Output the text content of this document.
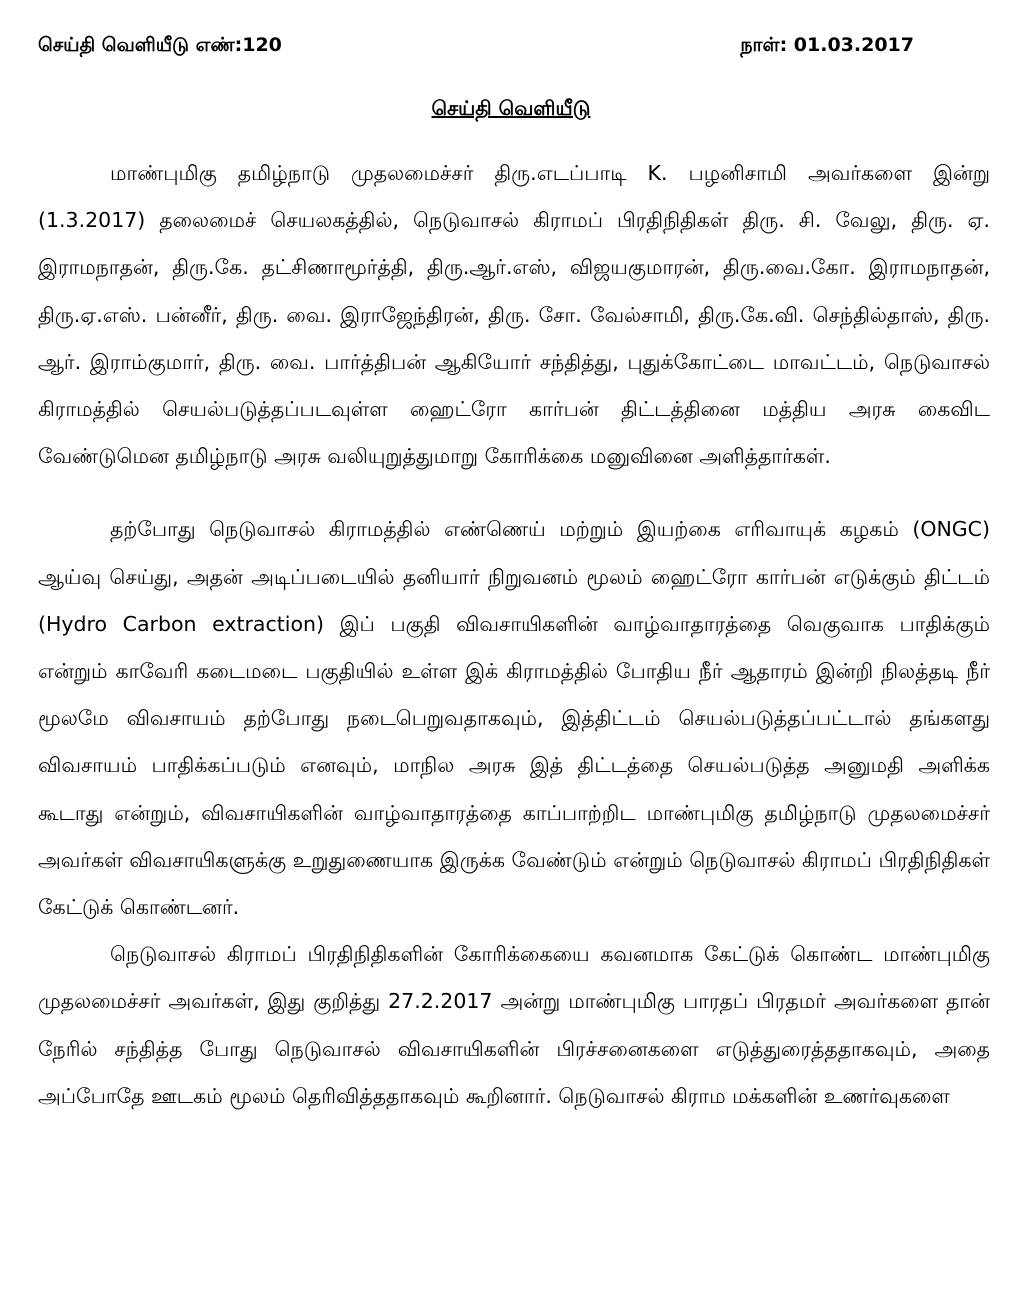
செய்தி வெளியீடு எண்:120	நாள்: 01.03.2017
செய்தி வெளியீடு

மாண்புமிகு தமிழ்நாடு முதலமைச்சர் திரு.எடப்பாடி K. பழனிசாமி அவர்களை இன்று (1.3.2017) தலைமைச் செயலகத்தில், நெடுவாசல் கிராமப் பிரதிநிதிகள் திரு. சி. வேலு, திரு. ஏ. இராமநாதன், திரு.கே. தட்சிணாமூர்த்தி, திரு.ஆர்.எஸ், விஜயகுமாரன், திரு.வை.கோ. இராமநாதன், திரு.ஏ.எஸ். பன்னீர், திரு. வை. இராஜேந்திரன், திரு. சோ. வேல்சாமி, திரு.கே.வி. செந்தில்தாஸ், திரு. ஆர். இராம்குமார், திரு. வை. பார்த்திபன் ஆகியோர் சந்தித்து, புதுக்கோட்டை மாவட்டம், நெடுவாசல் கிராமத்தில் செயல்படுத்தப்படவுள்ள ஹைட்ரோ கார்பன் திட்டத்தினை மத்திய அரசு கைவிட வேண்டுமென தமிழ்நாடு அரசு வலியுறுத்துமாறு கோரிக்கை மனுவினை அளித்தார்கள்.

தற்போது நெடுவாசல் கிராமத்தில் எண்ணெய் மற்றும் இயற்கை எரிவாயுக் கழகம் (ONGC) ஆய்வு செய்து, அதன் அடிப்படையில் தனியார் நிறுவனம் மூலம் ஹைட்ரோ கார்பன் எடுக்கும் திட்டம் (Hydro Carbon extraction) இப் பகுதி விவசாயிகளின் வாழ்வாதாரத்தை வெகுவாக பாதிக்கும் என்றும் காவேரி கடைமடை பகுதியில் உள்ள இக் கிராமத்தில் போதிய நீர் ஆதாரம் இன்றி நிலத்தடி நீர் மூலமே விவசாயம் தற்போது நடைபெறுவதாகவும், இத்திட்டம் செயல்படுத்தப்பட்டால் தங்களது விவசாயம் பாதிக்கப்படும் எனவும், மாநில அரசு இத் திட்டத்தை செயல்படுத்த அனுமதி அளிக்க கூடாது என்றும், விவசாயிகளின் வாழ்வாதாரத்தை காப்பாற்றிட மாண்புமிகு தமிழ்நாடு முதலமைச்சர் அவர்கள் விவசாயிகளுக்கு உறுதுணையாக இருக்க வேண்டும் என்றும் நெடுவாசல் கிராமப் பிரதிநிதிகள் கேட்டுக் கொண்டனர்.

நெடுவாசல் கிராமப் பிரதிநிதிகளின் கோரிக்கையை கவனமாக கேட்டுக் கொண்ட மாண்புமிகு முதலமைச்சர் அவர்கள், இது குறித்து 27.2.2017 அன்று மாண்புமிகு பாரதப் பிரதமர் அவர்களை தான் நேரில் சந்தித்த போது நெடுவாசல் விவசாயிகளின் பிரச்சனைகளை எடுத்துரைத்ததாகவும், அதை அப்போதே ஊடகம் மூலம் தெரிவித்ததாகவும் கூறினார். நெடுவாசல் கிராம மக்களின் உணர்வுகளை
